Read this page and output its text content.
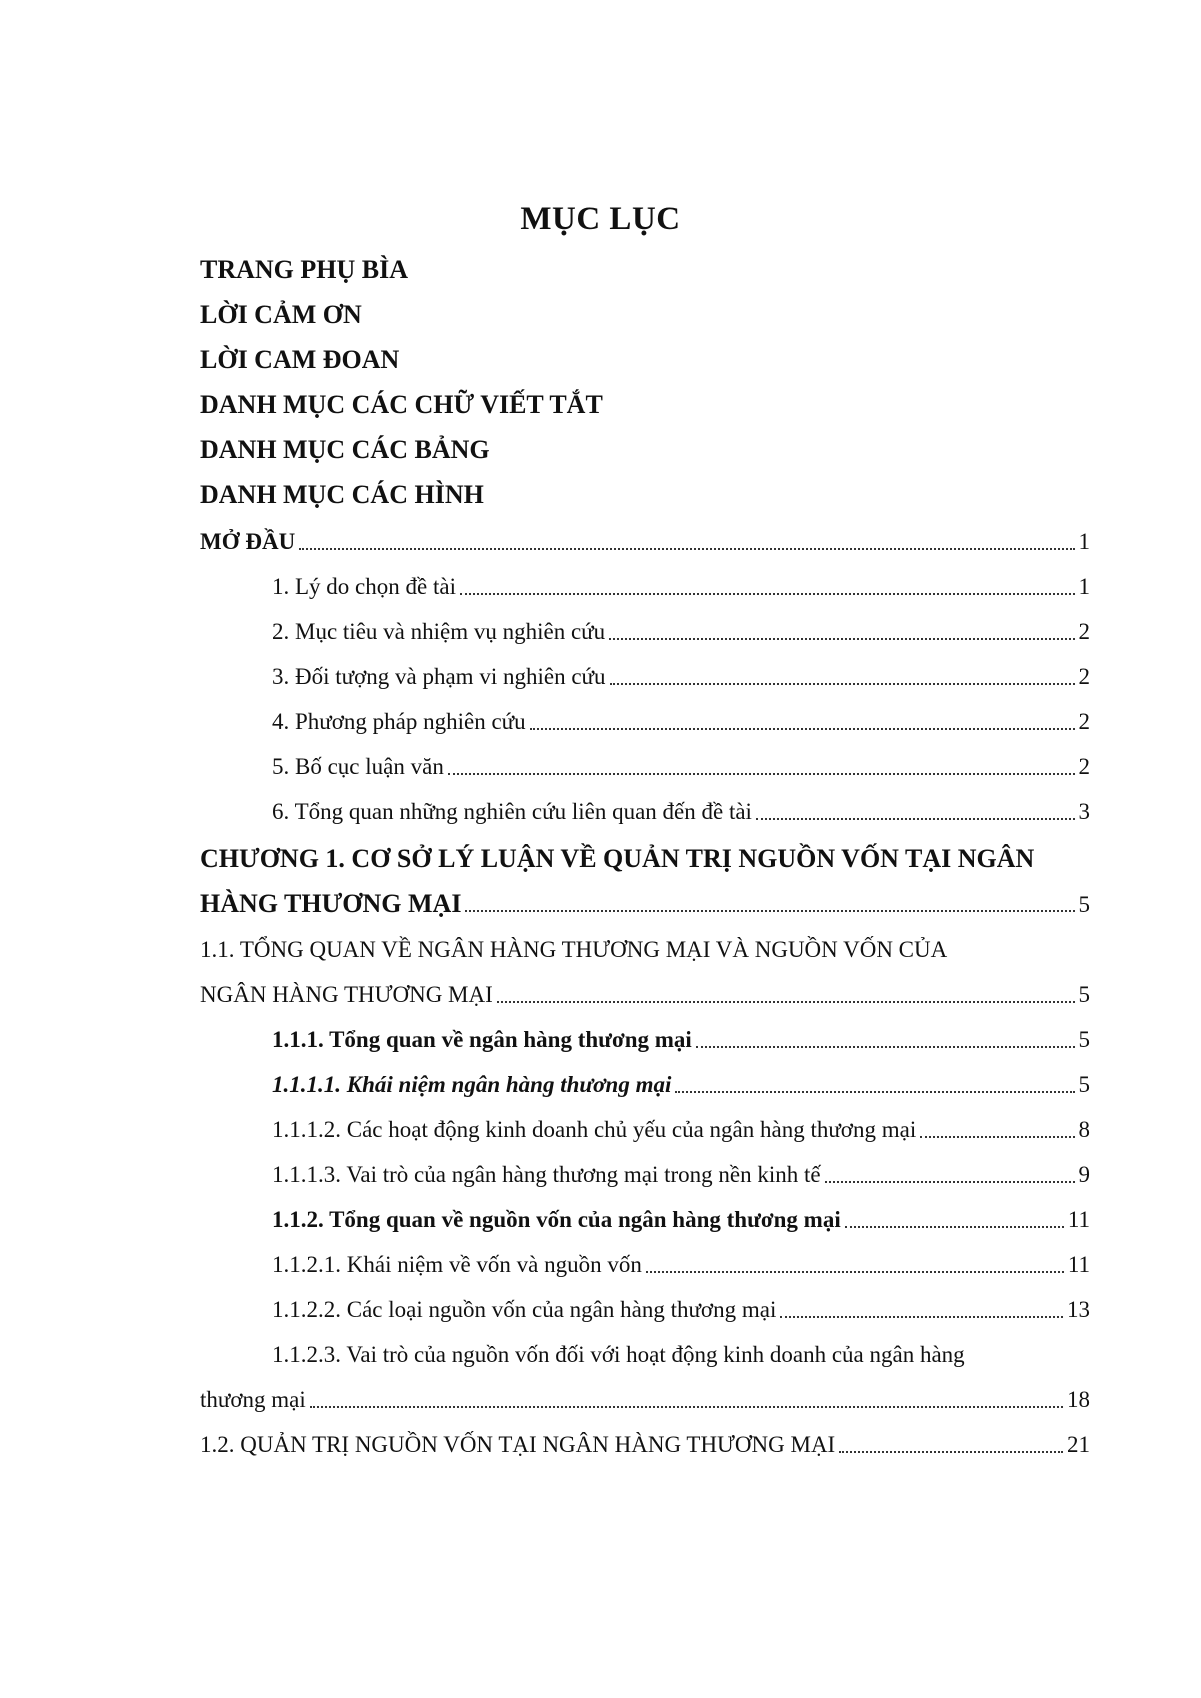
MỤC LỤC
TRANG PHỤ BÌA
LỜI CẢM ƠN
LỜI CAM ĐOAN
DANH MỤC CÁC CHỮ VIẾT TẮT
DANH MỤC CÁC BẢNG
DANH MỤC CÁC HÌNH
MỞ ĐẦU	1
1. Lý do chọn đề tài	1
2. Mục tiêu và nhiệm vụ nghiên cứu	2
3. Đối tượng và phạm vi nghiên cứu	2
4. Phương pháp nghiên cứu	2
5. Bố cục luận văn	2
6. Tổng quan những nghiên cứu liên quan đến đề tài	3
CHƯƠNG 1. CƠ SỞ LÝ LUẬN VỀ QUẢN TRỊ NGUỒN VỐN TẠI NGÂN
HÀNG THƯƠNG MẠI	5
1.1. TỔNG QUAN VỀ NGÂN HÀNG THƯƠNG MẠI VÀ NGUỒN VỐN CỦA
NGÂN HÀNG THƯƠNG MẠI	5
1.1.1. Tổng quan về ngân hàng thương mại	5
1.1.1.1. Khái niệm ngân hàng thương mại	5
1.1.1.2. Các hoạt động kinh doanh chủ yếu của ngân hàng thương mại	8
1.1.1.3. Vai trò của ngân hàng thương mại trong nền kinh tế	9
1.1.2. Tổng quan về nguồn vốn của ngân hàng thương mại	11
1.1.2.1. Khái niệm về vốn và nguồn vốn	11
1.1.2.2. Các loại nguồn vốn của ngân hàng thương mại	13
1.1.2.3. Vai trò của nguồn vốn đối với hoạt động kinh doanh của ngân hàng
thương mại	18
1.2. QUẢN TRỊ NGUỒN VỐN TẠI NGÂN HÀNG THƯƠNG MẠI	21
